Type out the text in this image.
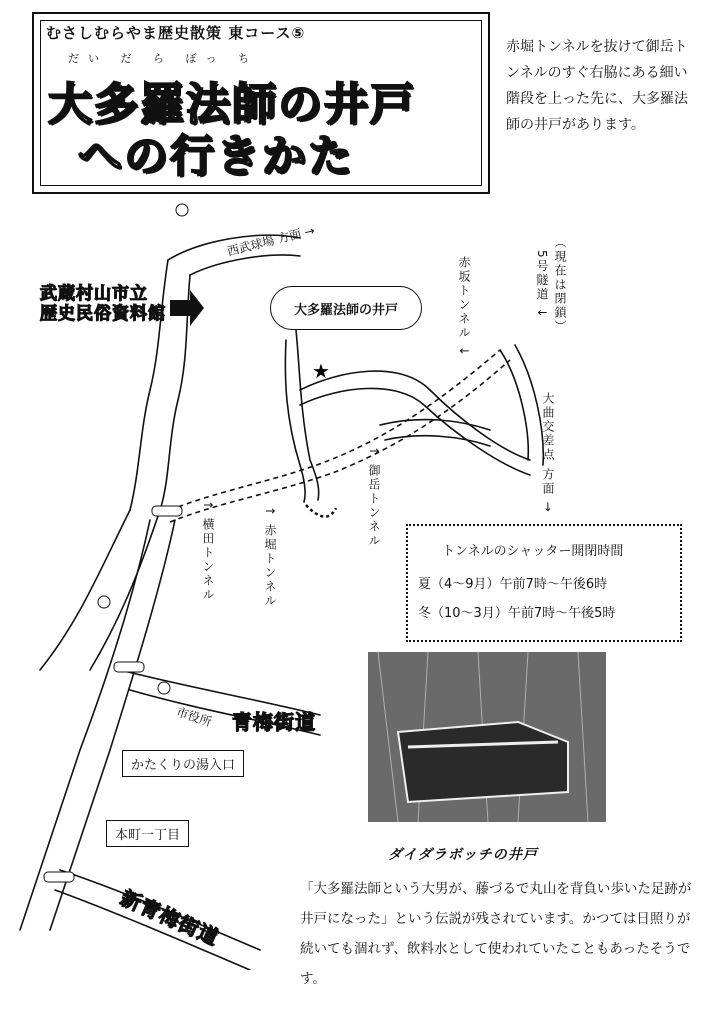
むさしむらやま歴史散策 東コース⑤
だい だ ら ぼっ ち
大多羅法師の井戸
への行きかた
赤堀トンネルを抜けて御岳トンネルのすぐ右脇にある細い階段を上った先に、大多羅法師の井戸があります。
★
大多羅法師の井戸
武蔵村山市立
歴史民俗資料館
西武球場 方面 →
赤坂トンネル ↓	（現在は閉鎖）
5号隧道 ↓
大曲交差点 方面 →
↑ 御岳トンネル
↑ 横田トンネル	↑ 赤堀トンネル
市役所 青梅街道
かたくりの湯入口
本町一丁目
新青梅街道
トンネルのシャッター開閉時間
夏（4～9月）午前7時～午後6時
冬（10～3月）午前7時～午後5時
ダイダラボッチの井戸
「大多羅法師という大男が、藤づるで丸山を背負い歩いた足跡が井戸になった」という伝説が残されています。かつては日照りが続いても涸れず、飲料水として使われていたこともあったそうです。
